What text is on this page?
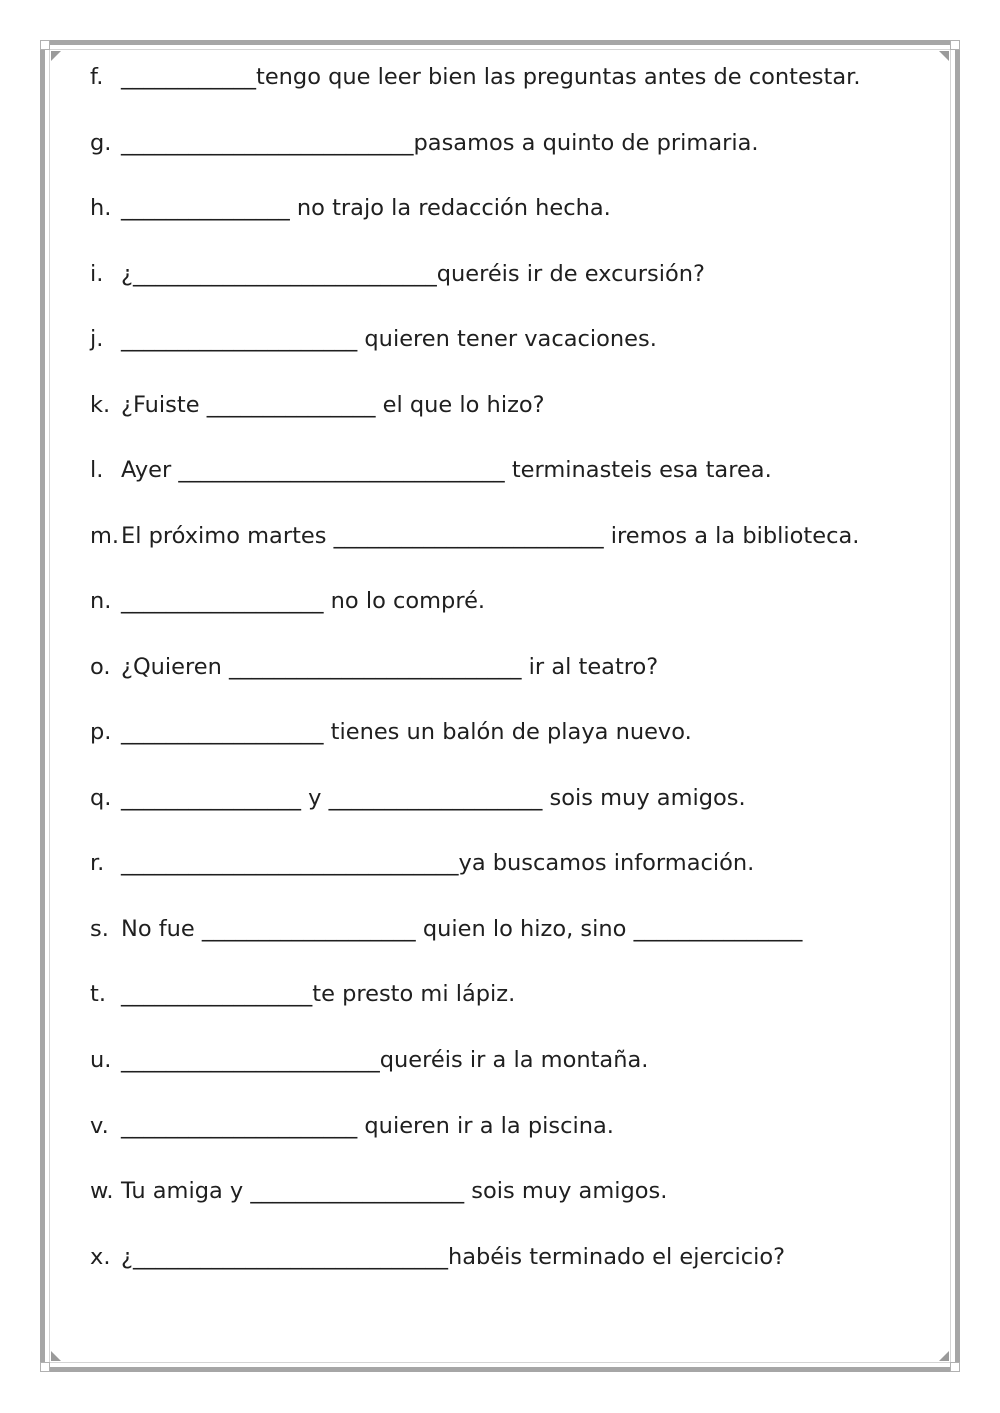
f. ____________tengo que leer bien las preguntas antes de contestar.
g. __________________________pasamos a quinto de primaria.
h. _______________ no trajo la redacción hecha.
i. ¿___________________________queréis ir de excursión?
j. _____________________ quieren tener vacaciones.
k. ¿Fuiste _______________ el que lo hizo?
l. Ayer _____________________________ terminasteis esa tarea.
m. El próximo martes ________________________ iremos a la biblioteca.
n. __________________ no lo compré.
o. ¿Quieren __________________________ ir al teatro?
p. __________________ tienes un balón de playa nuevo.
q. ________________ y ___________________ sois muy amigos.
r. ______________________________ya buscamos información.
s. No fue ___________________ quien lo hizo, sino _______________
t. _________________te presto mi lápiz.
u. _______________________queréis ir a la montaña.
v. _____________________ quieren ir a la piscina.
w. Tu amiga y ___________________ sois muy amigos.
x. ¿____________________________habéis terminado el ejercicio?
